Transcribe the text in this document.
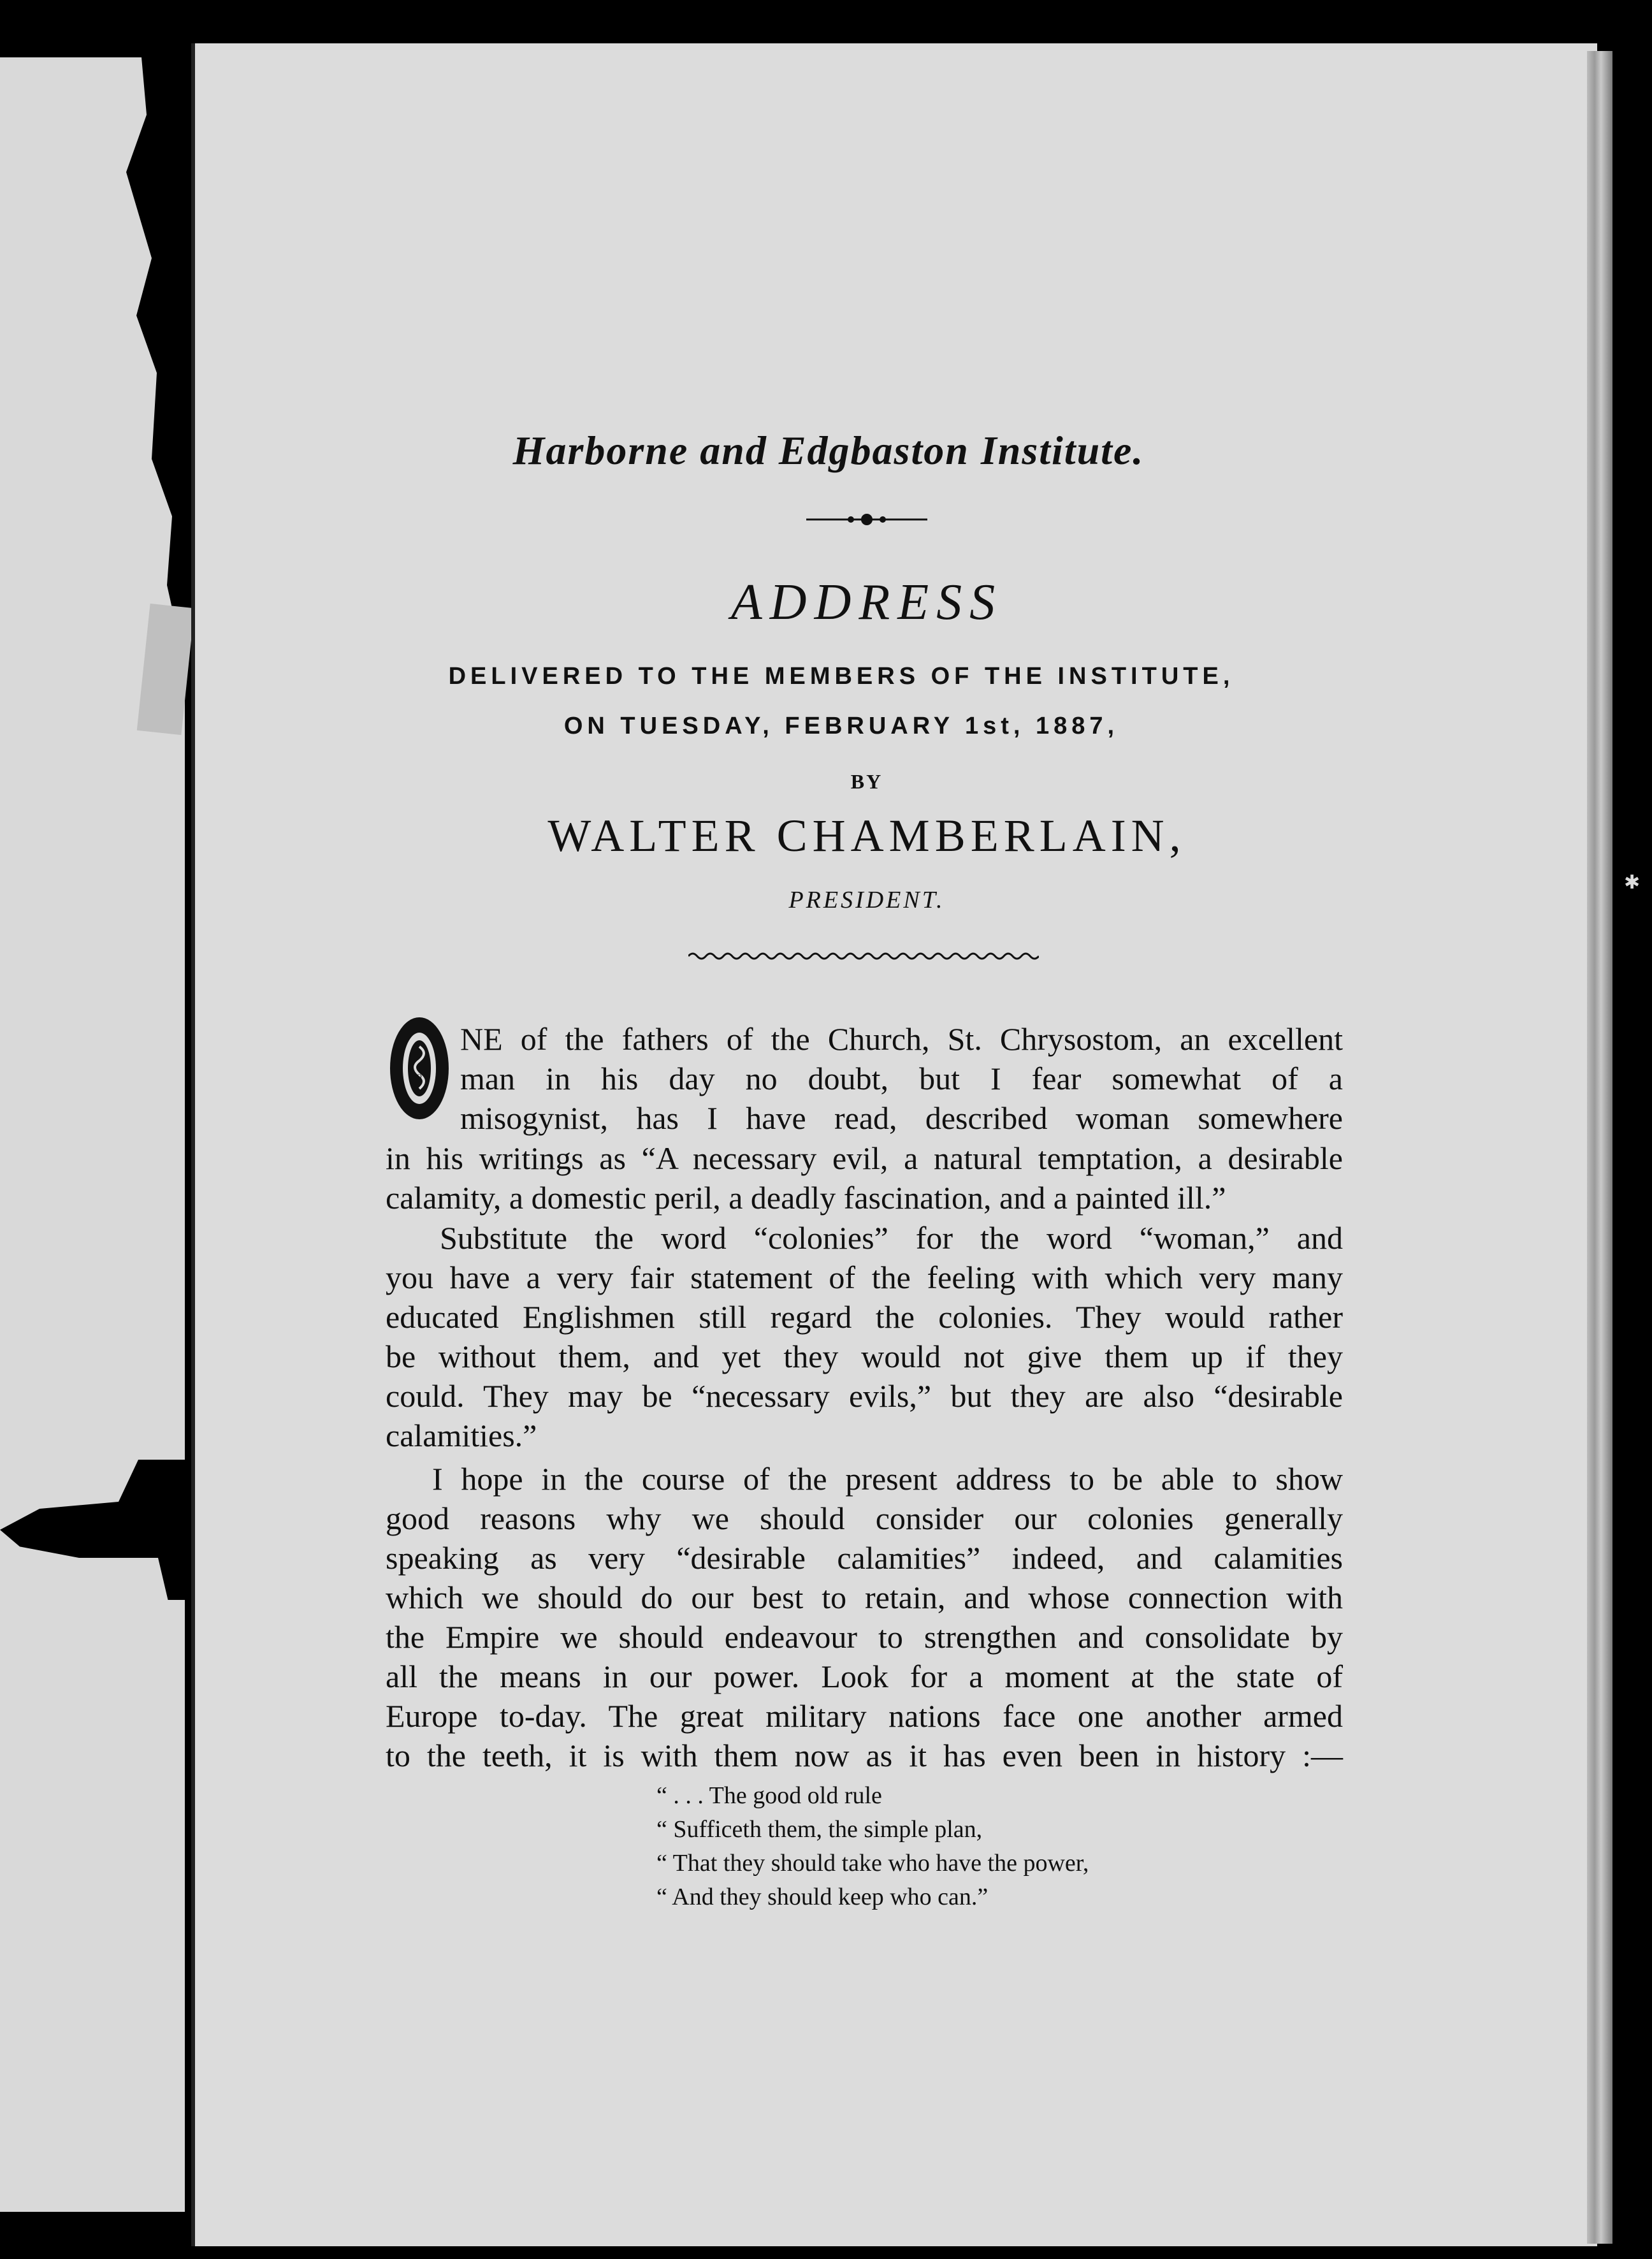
✱
Harborne and Edgbaston Institute.
ADDRESS
DELIVERED TO THE MEMBERS OF THE INSTITUTE,
ON TUESDAY, FEBRUARY 1st, 1887,
BY
WALTER CHAMBERLAIN,
PRESIDENT.
O
NE of the fathers of the Church, St. Chrysostom, an excellent
man in his day no doubt, but I fear somewhat of a
misogynist, has I have read, described woman somewhere
in his writings as “A necessary evil, a natural temptation, a desirable
calamity, a domestic peril, a deadly fascination, and a painted ill.”
Substitute the word “colonies” for the word “woman,” and
you have a very fair statement of the feeling with which very many
educated Englishmen still regard the colonies. They would rather
be without them, and yet they would not give them up if they
could. They may be “necessary evils,” but they are also “desirable
calamities.”
I hope in the course of the present address to be able to show
good reasons why we should consider our colonies generally
speaking as very “desirable calamities” indeed, and calamities
which we should do our best to retain, and whose connection with
the Empire we should endeavour to strengthen and consolidate by
all the means in our power. Look for a moment at the state of
Europe to-day. The great military nations face one another armed
to the teeth, it is with them now as it has even been in history :—
“ . . . The good old rule
“ Sufficeth them, the simple plan,
“ That they should take who have the power,
“ And they should keep who can.”
